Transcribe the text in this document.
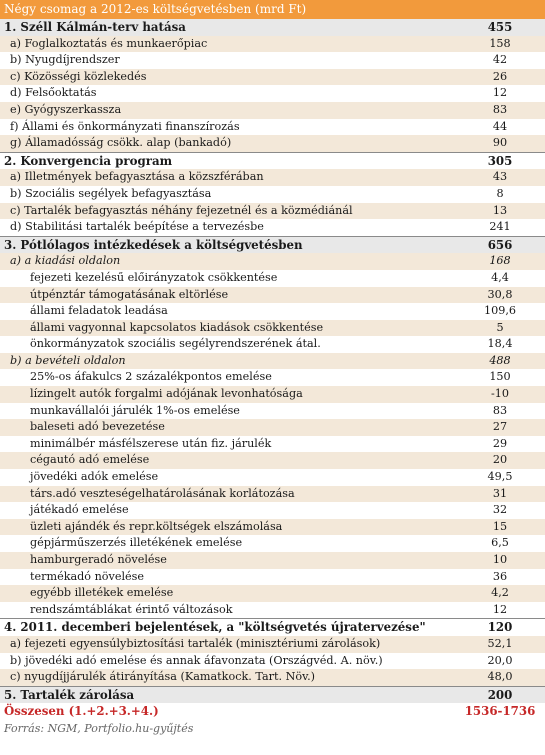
Négy csomag a 2012-es költségvetésben (mrd Ft)
1. Széll Kálmán-terv hatása	455
a) Foglalkoztatás és munkaerőpiac	158
b) Nyugdíjrendszer	42
c) Közösségi közlekedés	26
d) Felsőoktatás	12
e) Gyógyszerkassza	83
f) Állami és önkormányzati finanszírozás	44
g) Államadósság csökk. alap (bankadó)	90
2. Konvergencia program	305
a) Illetmények befagyasztása a közszférában	43
b) Szociális segélyek befagyasztása	8
c) Tartalék befagyasztás néhány fejezetnél és a közmédiánál	13
d) Stabilitási tartalék beépítése a tervezésbe	241
3. Pótlólagos intézkedések a költségvetésben	656
a) a kiadási oldalon	168
fejezeti kezelésű előirányzatok csökkentése	4,4
útpénztár támogatásának eltörlése	30,8
állami feladatok leadása	109,6
állami vagyonnal kapcsolatos kiadások csökkentése	5
önkormányzatok szociális segélyrendszerének átal.	18,4
b) a bevételi oldalon	488
25%-os áfakulcs 2 százalékpontos emelése	150
lízingelt autók forgalmi adójának levonhatósága	-10
munkavállalói járulék 1%-os emelése	83
baleseti adó bevezetése	27
minimálbér másfélszerese után fiz. járulék	29
cégautó adó emelése	20
jövedéki adók emelése	49,5
társ.adó veszteségelhatárolásának korlátozása	31
játékadó emelése	32
üzleti ajándék és repr.költségek elszámolása	15
gépjárműszerzés illetékének emelése	6,5
hamburgeradó növelése	10
termékadó növelése	36
egyébb illetékek emelése	4,2
rendszámtáblákat érintő változások	12
4. 2011. decemberi bejelentések, a "költségvetés újratervezése"	120
a) fejezeti egyensúlybiztosítási tartalék (minisztériumi zárolások)	52,1
b) jövedéki adó emelése és annak áfavonzata (Országvéd. A. növ.)	20,0
c) nyugdíjjárulék átirányítása (Kamatkock. Tart. Növ.)	48,0
5. Tartalék zárolása	200
Összesen (1.+2.+3.+4.)	1536-1736
Forrás: NGM, Portfolio.hu-gyűjtés
